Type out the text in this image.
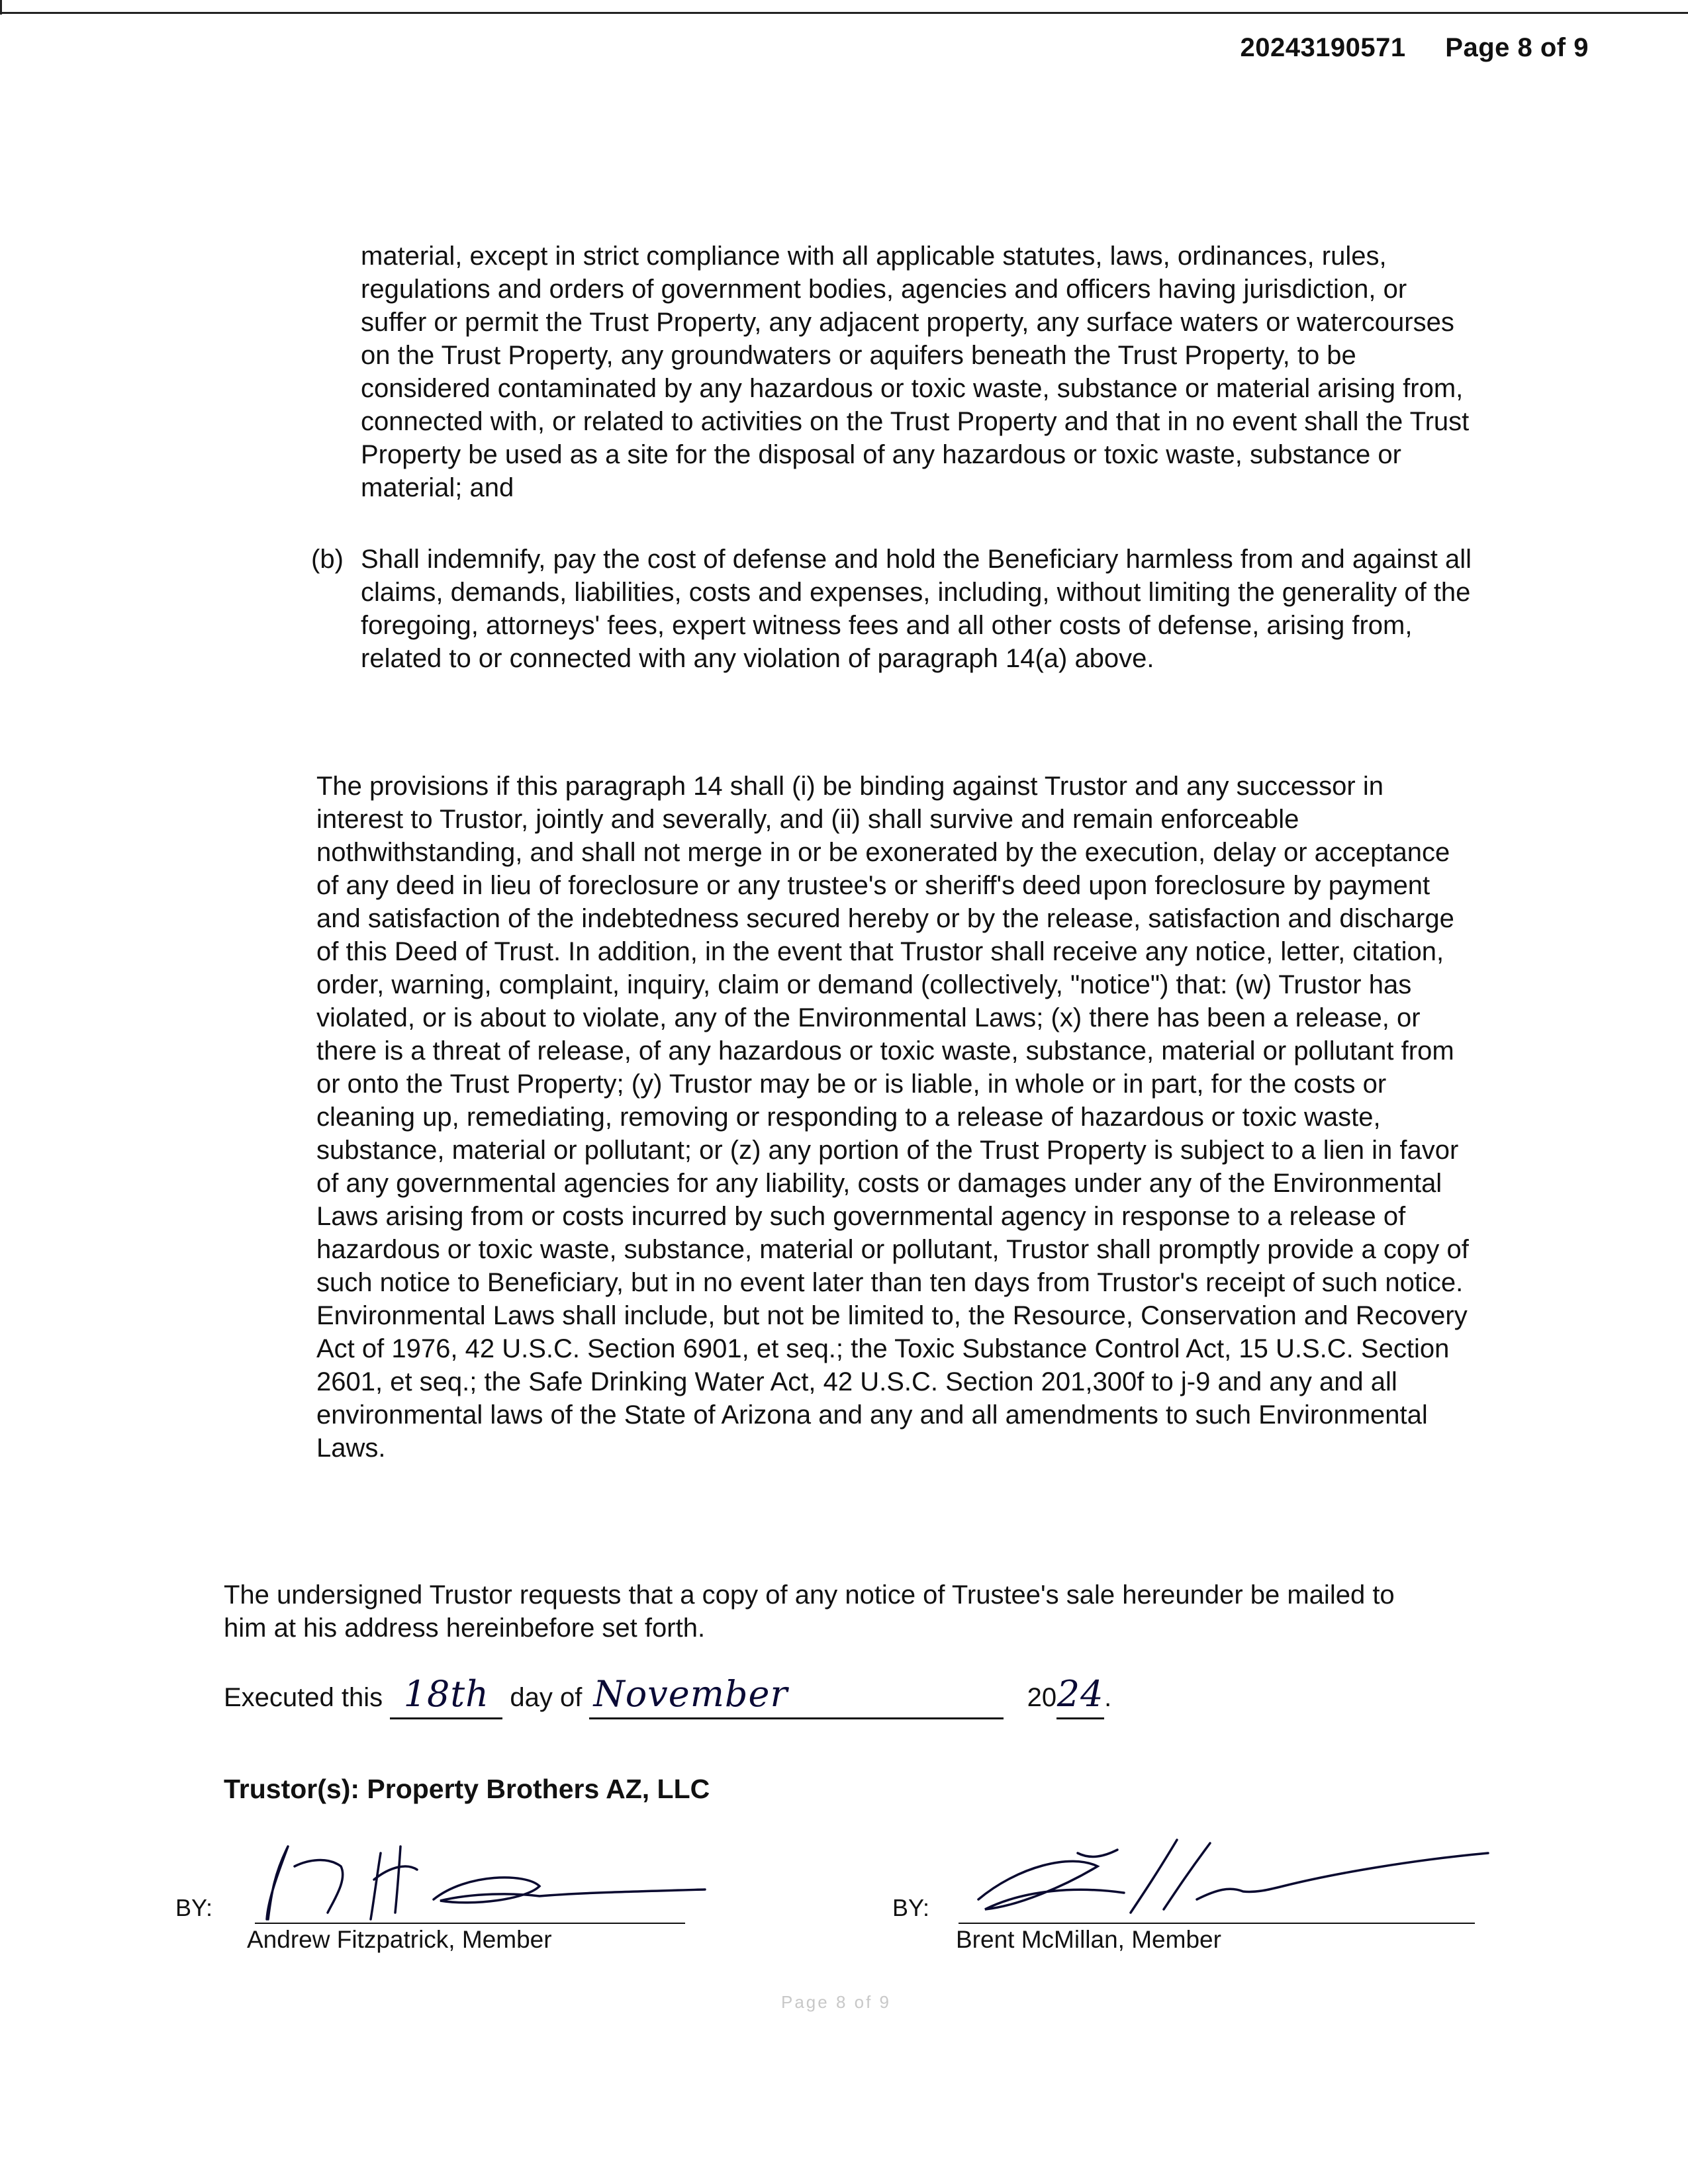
20243190571 Page 8 of 9

material, except in strict compliance with all applicable statutes, laws, ordinances, rules, regulations and orders of government bodies, agencies and officers having jurisdiction, or suffer or permit the Trust Property, any adjacent property, any surface waters or watercourses on the Trust Property, any groundwaters or aquifers beneath the Trust Property, to be considered contaminated by any hazardous or toxic waste, substance or material arising from, connected with, or related to activities on the Trust Property and that in no event shall the Trust Property be used as a site for the disposal of any hazardous or toxic waste, substance or material; and

(b) Shall indemnify, pay the cost of defense and hold the Beneficiary harmless from and against all claims, demands, liabilities, costs and expenses, including, without limiting the generality of the foregoing, attorneys' fees, expert witness fees and all other costs of defense, arising from, related to or connected with any violation of paragraph 14(a) above.

The provisions if this paragraph 14 shall (i) be binding against Trustor and any successor in interest to Trustor, jointly and severally, and (ii) shall survive and remain enforceable nothwithstanding, and shall not merge in or be exonerated by the execution, delay or acceptance of any deed in lieu of foreclosure or any trustee's or sheriff's deed upon foreclosure by payment and satisfaction of the indebtedness secured hereby or by the release, satisfaction and discharge of this Deed of Trust. In addition, in the event that Trustor shall receive any notice, letter, citation, order, warning, complaint, inquiry, claim or demand (collectively, "notice") that: (w) Trustor has violated, or is about to violate, any of the Environmental Laws; (x) there has been a release, or there is a threat of release, of any hazardous or toxic waste, substance, material or pollutant from or onto the Trust Property; (y) Trustor may be or is liable, in whole or in part, for the costs or cleaning up, remediating, removing or responding to a release of hazardous or toxic waste, substance, material or pollutant; or (z) any portion of the Trust Property is subject to a lien in favor of any governmental agencies for any liability, costs or damages under any of the Environmental Laws arising from or costs incurred by such governmental agency in response to a release of hazardous or toxic waste, substance, material or pollutant, Trustor shall promptly provide a copy of such notice to Beneficiary, but in no event later than ten days from Trustor's receipt of such notice. Environmental Laws shall include, but not be limited to, the Resource, Conservation and Recovery Act of 1976, 42 U.S.C. Section 6901, et seq.; the Toxic Substance Control Act, 15 U.S.C. Section 2601, et seq.; the Safe Drinking Water Act, 42 U.S.C. Section 201,300f to j-9 and any and all environmental laws of the State of Arizona and any and all amendments to such Environmental Laws.

The undersigned Trustor requests that a copy of any notice of Trustee's sale hereunder be mailed to him at his address hereinbefore set forth.

Executed this 18th day of November	2024.
Trustor(s): Property Brothers AZ, LLC
BY:
Andrew Fitzpatrick, Member
BY:
Brent McMillan, Member
Page 8 of 9
